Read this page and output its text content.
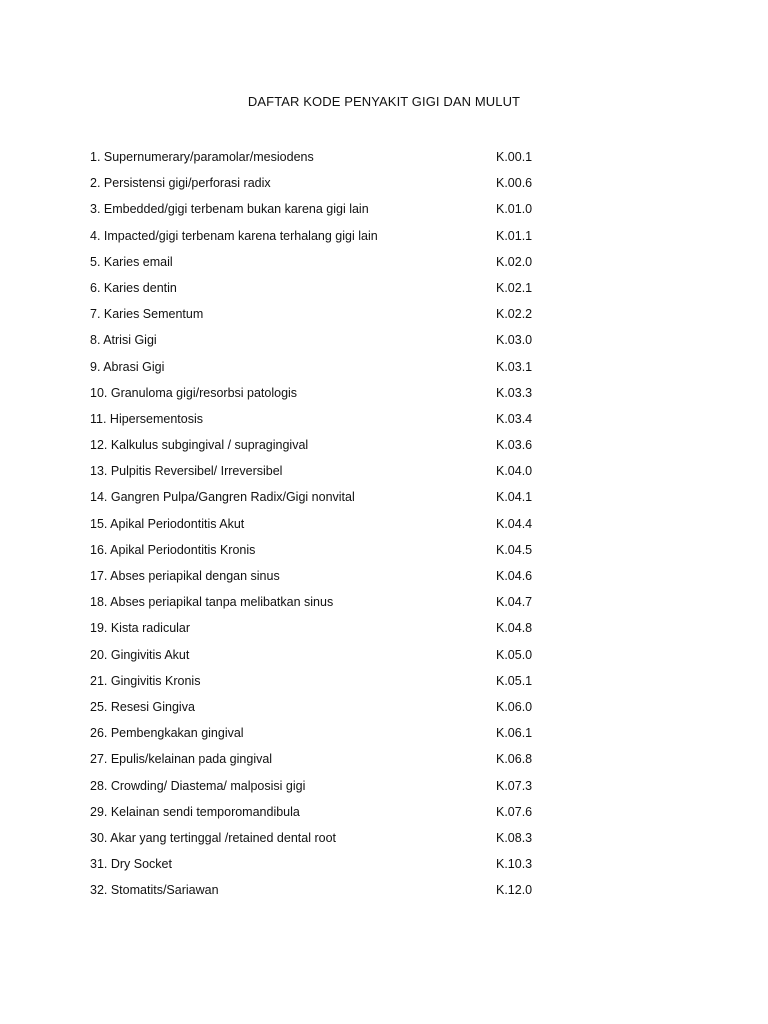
DAFTAR KODE PENYAKIT GIGI DAN MULUT
1. Supernumerary/paramolar/mesiodens	K.00.1
2. Persistensi gigi/perforasi radix	K.00.6
3. Embedded/gigi terbenam bukan karena gigi lain	K.01.0
4. Impacted/gigi terbenam karena terhalang gigi lain	K.01.1
5. Karies email	K.02.0
6. Karies dentin	K.02.1
7. Karies Sementum	K.02.2
8. Atrisi Gigi	K.03.0
9. Abrasi Gigi	K.03.1
10. Granuloma gigi/resorbsi patologis	K.03.3
11. Hipersementosis	K.03.4
12. Kalkulus subgingival / supragingival	K.03.6
13. Pulpitis Reversibel/ Irreversibel	K.04.0
14. Gangren Pulpa/Gangren Radix/Gigi nonvital	K.04.1
15. Apikal Periodontitis Akut	K.04.4
16. Apikal Periodontitis Kronis	K.04.5
17. Abses periapikal dengan sinus	K.04.6
18. Abses periapikal tanpa melibatkan sinus	K.04.7
19. Kista radicular	K.04.8
20. Gingivitis Akut	K.05.0
21. Gingivitis Kronis	K.05.1
25. Resesi Gingiva	K.06.0
26. Pembengkakan gingival	K.06.1
27. Epulis/kelainan pada gingival	K.06.8
28. Crowding/ Diastema/ malposisi gigi	K.07.3
29. Kelainan sendi temporomandibula	K.07.6
30. Akar yang tertinggal /retained dental root	K.08.3
31. Dry Socket	K.10.3
32. Stomatits/Sariawan	K.12.0
